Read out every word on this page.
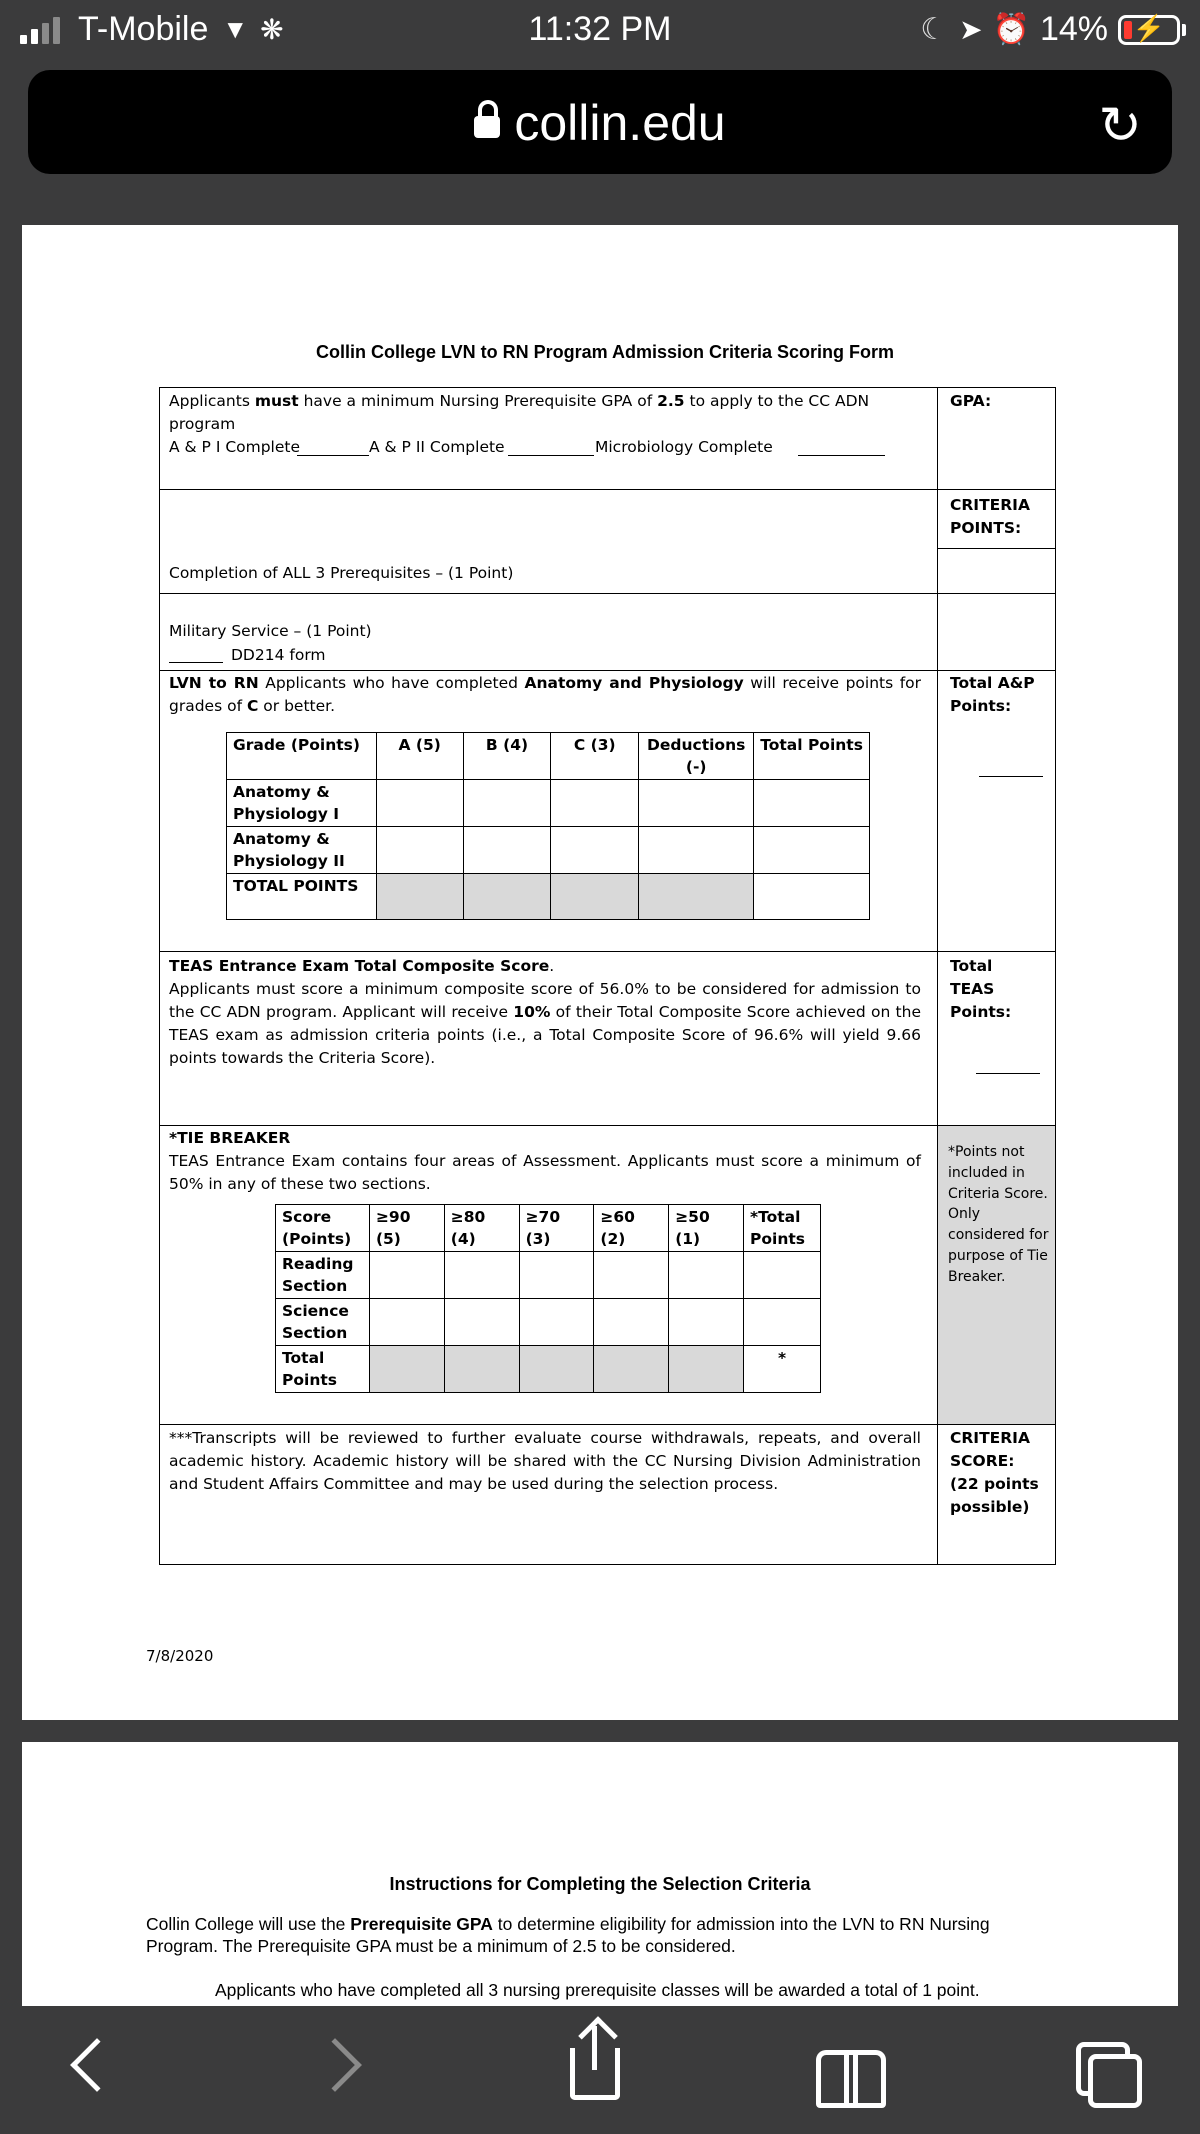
T-Mobile ▼ ❋	11:32 PM	☾ ➤ ⏰ 14% ⚡
collin.edu	↻
Collin College LVN to RN Program Admission Criteria Scoring Form
Applicants must have a minimum Nursing Prerequisite GPA of 2.5 to apply to the CC ADN program
A & P I Complete	A & P II Complete	Microbiology Complete
GPA:
CRITERIA POINTS:
Completion of ALL 3 Prerequisites – (1 Point)
Military Service – (1 Point)
DD214 form
LVN to RN Applicants who have completed Anatomy and Physiology will receive points for grades of C or better.
Total A&P Points:
Grade (Points)	A (5)	B (4)	C (3)	Deductions (-)	Total Points
Anatomy & Physiology I					
Anatomy & Physiology II					
TOTAL POINTS					
TEAS Entrance Exam Total Composite Score.
Applicants must score a minimum composite score of 56.0% to be considered for admission to the CC ADN program. Applicant will receive 10% of their Total Composite Score achieved on the TEAS exam as admission criteria points (i.e., a Total Composite Score of 96.6% will yield 9.66 points towards the Criteria Score).
Total TEAS Points:
*TIE BREAKER
TEAS Entrance Exam contains four areas of Assessment. Applicants must score a minimum of 50% in any of these two sections.
*Points not included in Criteria Score.
Only considered for purpose of Tie Breaker.
Score (Points)	≥90 (5)	≥80 (4)	≥70 (3)	≥60 (2)	≥50 (1)	*Total Points
Reading Section						
Science Section						
Total Points						*
***Transcripts will be reviewed to further evaluate course withdrawals, repeats, and overall academic history. Academic history will be shared with the CC Nursing Division Administration and Student Affairs Committee and may be used during the selection process.
CRITERIA SCORE: (22 points possible)
7/8/2020
Instructions for Completing the Selection Criteria
Collin College will use the Prerequisite GPA to determine eligibility for admission into the LVN to RN Nursing Program. The Prerequisite GPA must be a minimum of 2.5 to be considered.
Applicants who have completed all 3 nursing prerequisite classes will be awarded a total of 1 point.
